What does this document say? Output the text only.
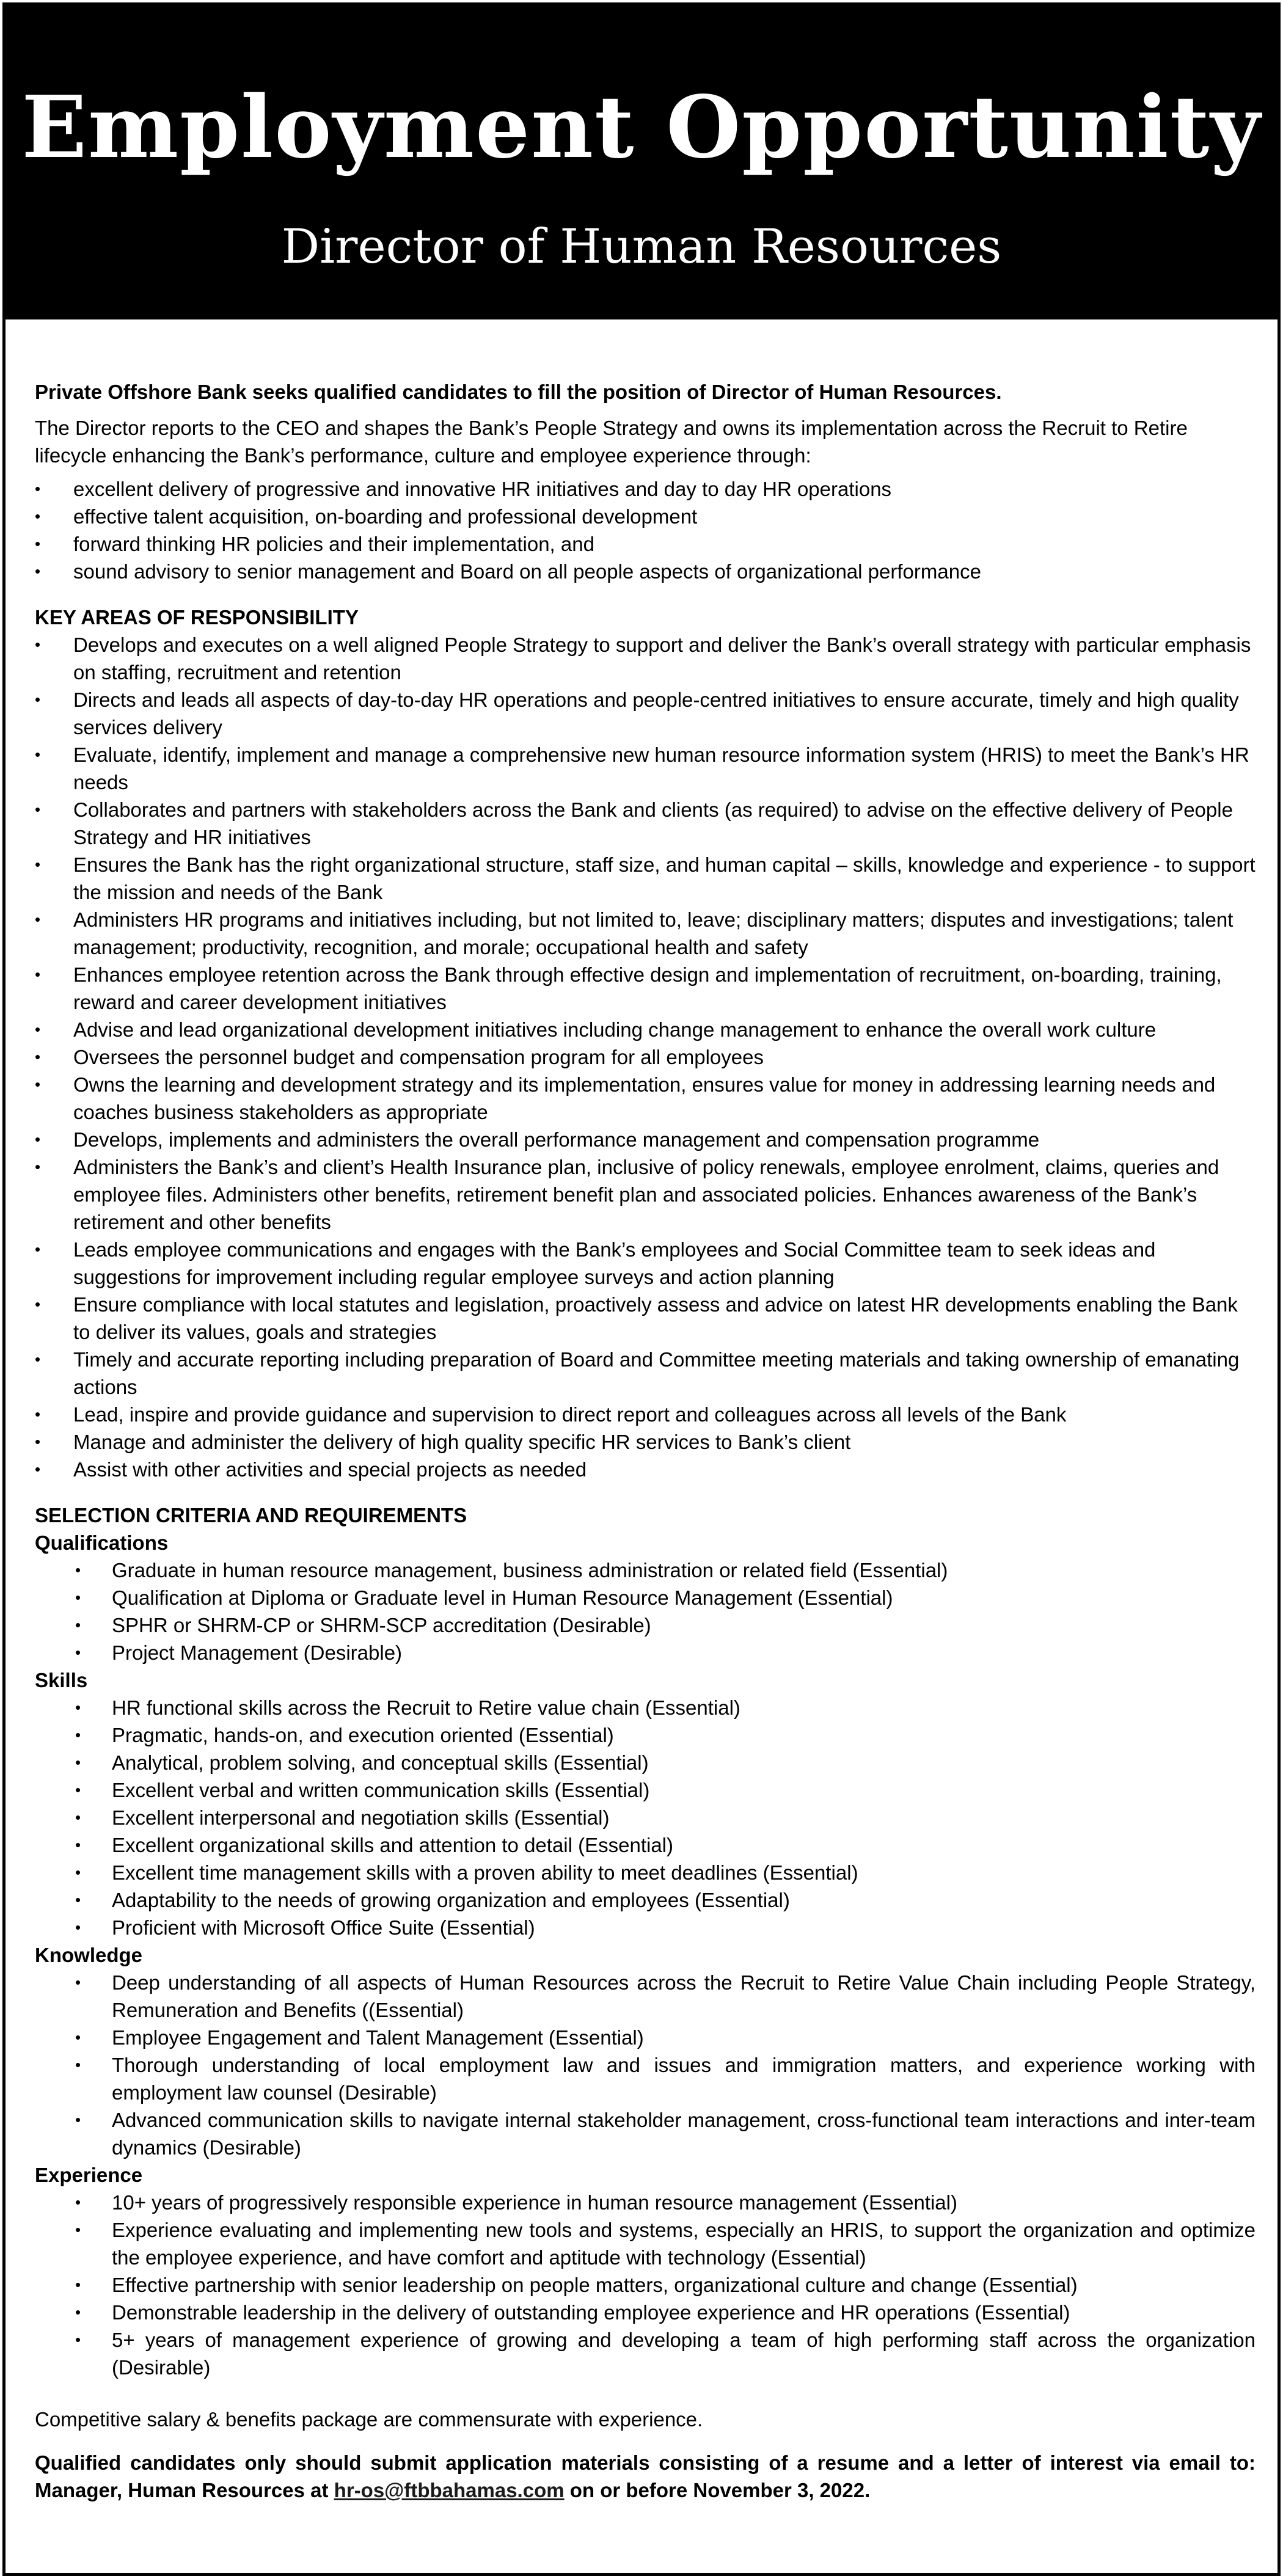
Employment Opportunity
Director of Human Resources

Private Offshore Bank seeks qualified candidates to fill the position of Director of Human Resources.

The Director reports to the CEO and shapes the Bank’s People Strategy and owns its implementation across the Recruit to Retire lifecycle enhancing the Bank’s performance, culture and employee experience through:

• excellent delivery of progressive and innovative HR initiatives and day to day HR operations
• effective talent acquisition, on-boarding and professional development
• forward thinking HR policies and their implementation, and
• sound advisory to senior management and Board on all people aspects of organizational performance

KEY AREAS OF RESPONSIBILITY

• Develops and executes on a well aligned People Strategy to support and deliver the Bank’s overall strategy with particular emphasis on staffing, recruitment and retention
• Directs and leads all aspects of day-to-day HR operations and people-centred initiatives to ensure accurate, timely and high quality services delivery
• Evaluate, identify, implement and manage a comprehensive new human resource information system (HRIS) to meet the Bank’s HR needs
• Collaborates and partners with stakeholders across the Bank and clients (as required) to advise on the effective delivery of People Strategy and HR initiatives
• Ensures the Bank has the right organizational structure, staff size, and human capital – skills, knowledge and experience - to support the mission and needs of the Bank
• Administers HR programs and initiatives including, but not limited to, leave; disciplinary matters; disputes and investigations; talent management; productivity, recognition, and morale; occupational health and safety
• Enhances employee retention across the Bank through effective design and implementation of recruitment, on-boarding, training, reward and career development initiatives
• Advise and lead organizational development initiatives including change management to enhance the overall work culture
• Oversees the personnel budget and compensation program for all employees
• Owns the learning and development strategy and its implementation, ensures value for money in addressing learning needs and coaches business stakeholders as appropriate
• Develops, implements and administers the overall performance management and compensation programme
• Administers the Bank’s and client’s Health Insurance plan, inclusive of policy renewals, employee enrolment, claims, queries and employee files. Administers other benefits, retirement benefit plan and associated policies. Enhances awareness of the Bank’s retirement and other benefits
• Leads employee communications and engages with the Bank’s employees and Social Committee team to seek ideas and suggestions for improvement including regular employee surveys and action planning
• Ensure compliance with local statutes and legislation, proactively assess and advice on latest HR developments enabling the Bank to deliver its values, goals and strategies
• Timely and accurate reporting including preparation of Board and Committee meeting materials and taking ownership of emanating actions
• Lead, inspire and provide guidance and supervision to direct report and colleagues across all levels of the Bank
• Manage and administer the delivery of high quality specific HR services to Bank’s client
• Assist with other activities and special projects as needed

SELECTION CRITERIA AND REQUIREMENTS

Qualifications

• Graduate in human resource management, business administration or related field (Essential)
• Qualification at Diploma or Graduate level in Human Resource Management (Essential)
• SPHR or SHRM-CP or SHRM-SCP accreditation (Desirable)
• Project Management (Desirable)

Skills

• HR functional skills across the Recruit to Retire value chain (Essential)
• Pragmatic, hands-on, and execution oriented (Essential)
• Analytical, problem solving, and conceptual skills (Essential)
• Excellent verbal and written communication skills (Essential)
• Excellent interpersonal and negotiation skills (Essential)
• Excellent organizational skills and attention to detail (Essential)
• Excellent time management skills with a proven ability to meet deadlines (Essential)
• Adaptability to the needs of growing organization and employees (Essential)
• Proficient with Microsoft Office Suite (Essential)

Knowledge

• Deep understanding of all aspects of Human Resources across the Recruit to Retire Value Chain including People Strategy, Remuneration and Benefits ((Essential)
• Employee Engagement and Talent Management (Essential)
• Thorough understanding of local employment law and issues and immigration matters, and experience working with employment law counsel (Desirable)
• Advanced communication skills to navigate internal stakeholder management, cross-functional team interactions and inter-team dynamics (Desirable)

Experience

• 10+ years of progressively responsible experience in human resource management (Essential)
• Experience evaluating and implementing new tools and systems, especially an HRIS, to support the organization and optimize the employee experience, and have comfort and aptitude with technology (Essential)
• Effective partnership with senior leadership on people matters, organizational culture and change (Essential)
• Demonstrable leadership in the delivery of outstanding employee experience and HR operations (Essential)
• 5+ years of management experience of growing and developing a team of high performing staff across the organization (Desirable)

Competitive salary & benefits package are commensurate with experience.

Qualified candidates only should submit application materials consisting of a resume and a letter of interest via email to: Manager, Human Resources at hr-os@ftbbahamas.com on or before November 3, 2022.
